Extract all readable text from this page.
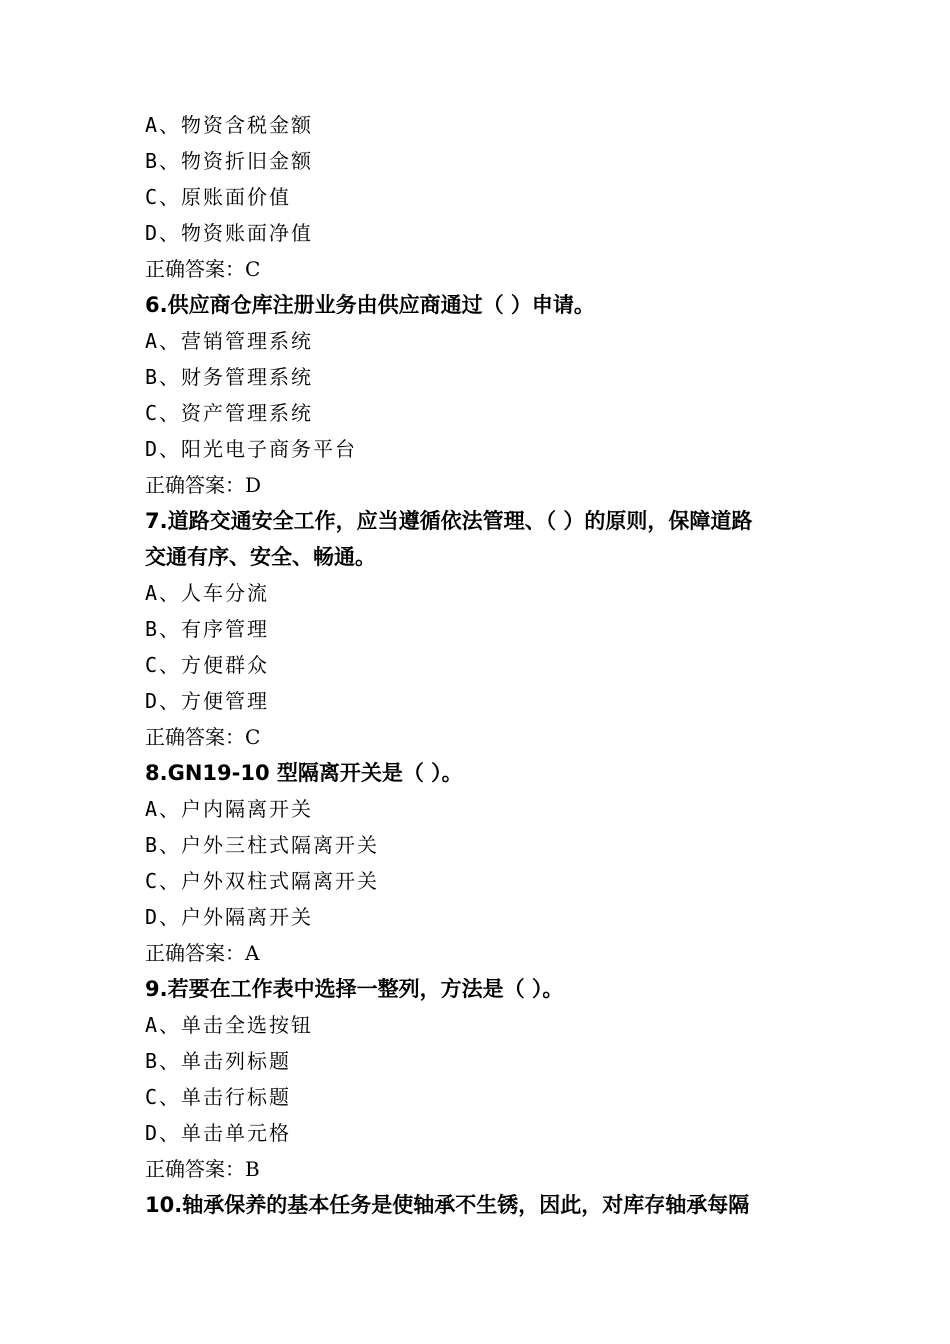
A、物资含税金额
B、物资折旧金额
C、原账面价值
D、物资账面净值
正确答案：C
6.供应商仓库注册业务由供应商通过（ ）申请。
A、营销管理系统
B、财务管理系统
C、资产管理系统
D、阳光电子商务平台
正确答案：D
7.道路交通安全工作，应当遵循依法管理、（ ）的原则，保障道路
交通有序、安全、畅通。
A、人车分流
B、有序管理
C、方便群众
D、方便管理
正确答案：C
8.GN19-10 型隔离开关是（ ）。
A、户内隔离开关
B、户外三柱式隔离开关
C、户外双柱式隔离开关
D、户外隔离开关
正确答案：A
9.若要在工作表中选择一整列，方法是（ ）。
A、单击全选按钮
B、单击列标题
C、单击行标题
D、单击单元格
正确答案：B
10.轴承保养的基本任务是使轴承不生锈，因此，对库存轴承每隔
